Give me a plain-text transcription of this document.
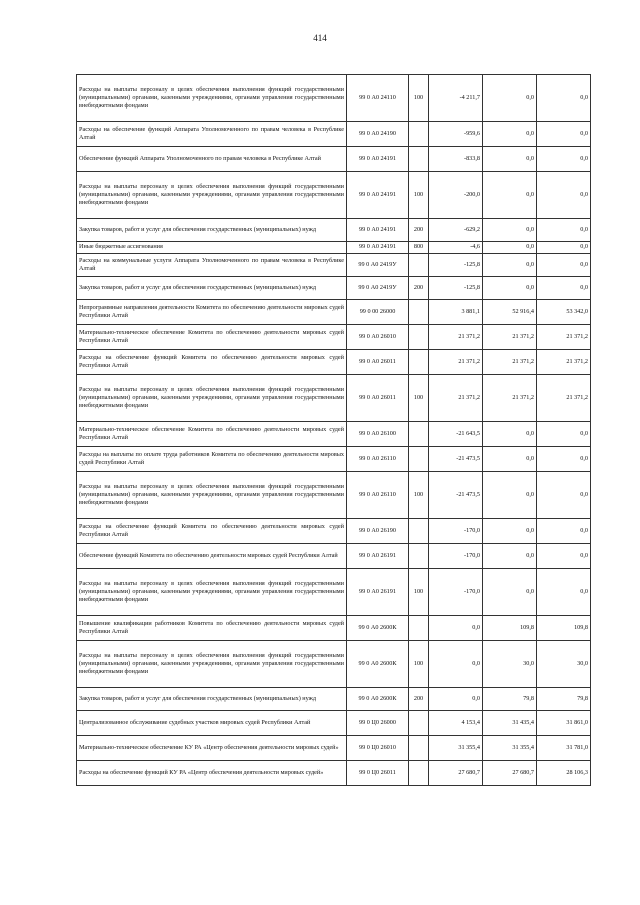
414
Расходы на выплаты персоналу в целях обеспечения выполнения функций государственными (муниципальными) органами, казенными учреждениями, органами управления государственными внебюджетными фондами	99 0 А0 24110	100	-4 211,7	0,0	0,0
Расходы на обеспечение функций Аппарата Уполномоченного по правам человека в Республике Алтай	99 0 А0 24190		-959,6	0,0	0,0
Обеспечение функций Аппарата Уполномоченного по правам человека в Республике Алтай	99 0 А0 24191		-833,8	0,0	0,0
Расходы на выплаты персоналу в целях обеспечения выполнения функций государственными (муниципальными) органами, казенными учреждениями, органами управления государственными внебюджетными фондами	99 0 А0 24191	100	-200,0	0,0	0,0
Закупка товаров, работ и услуг для обеспечения государственных (муниципальных) нужд	99 0 А0 24191	200	-629,2	0,0	0,0
Иные бюджетные ассигнования	99 0 А0 24191	800	-4,6	0,0	0,0
Расходы на коммунальные услуги Аппарата Уполномоченного по правам человека в Республике Алтай	99 0 А0 2419У		-125,8	0,0	0,0
Закупка товаров, работ и услуг для обеспечения государственных (муниципальных) нужд	99 0 А0 2419У	200	-125,8	0,0	0,0
Непрограммные направления деятельности Комитета по обеспечению деятельности мировых судей Республики Алтай	99 0 00 26000		3 881,1	52 916,4	53 342,0
Материально-техническое обеспечение Комитета по обеспечению деятельности мировых судей Республики Алтай	99 0 А0 26010		21 371,2	21 371,2	21 371,2
Расходы на обеспечение функций Комитета по обеспечению деятельности мировых судей Республики Алтай	99 0 А0 26011		21 371,2	21 371,2	21 371,2
Расходы на выплаты персоналу в целях обеспечения выполнения функций государственными (муниципальными) органами, казенными учреждениями, органами управления государственными внебюджетными фондами	99 0 А0 26011	100	21 371,2	21 371,2	21 371,2
Материально-техническое обеспечение Комитета по обеспечению деятельности мировых судей Республики Алтай	99 0 А0 26100		-21 643,5	0,0	0,0
Расходы на выплаты по оплате труда работников Комитета по обеспечению деятельности мировых судей Республики Алтай	99 0 А0 26110		-21 473,5	0,0	0,0
Расходы на выплаты персоналу в целях обеспечения выполнения функций государственными (муниципальными) органами, казенными учреждениями, органами управления государственными внебюджетными фондами	99 0 А0 26110	100	-21 473,5	0,0	0,0
Расходы на обеспечение функций Комитета по обеспечению деятельности мировых судей Республики Алтай	99 0 А0 26190		-170,0	0,0	0,0
Обеспечение функций Комитета по обеспечению деятельности мировых судей Республики Алтай	99 0 А0 26191		-170,0	0,0	0,0
Расходы на выплаты персоналу в целях обеспечения выполнения функций государственными (муниципальными) органами, казенными учреждениями, органами управления государственными внебюджетными фондами	99 0 А0 26191	100	-170,0	0,0	0,0
Повышение квалификации работников Комитета по обеспечению деятельности мировых судей Республики Алтай	99 0 А0 2600К		0,0	109,8	109,8
Расходы на выплаты персоналу в целях обеспечения выполнения функций государственными (муниципальными) органами, казенными учреждениями, органами управления государственными внебюджетными фондами	99 0 А0 2600К	100	0,0	30,0	30,0
Закупка товаров, работ и услуг для обеспечения государственных (муниципальных) нужд	99 0 А0 2600К	200	0,0	79,8	79,8
Централизованное обслуживание судебных участков мировых судей Республики Алтай	99 0 Ц0 26000		4 153,4	31 435,4	31 861,0
Материально-техническое обеспечение КУ РА «Центр обеспечения деятельности мировых судей»	99 0 Ц0 26010		31 355,4	31 355,4	31 781,0
Расходы на обеспечение функций КУ РА «Центр обеспечения деятельности мировых судей»	99 0 Ц0 26011		27 680,7	27 680,7	28 106,3
